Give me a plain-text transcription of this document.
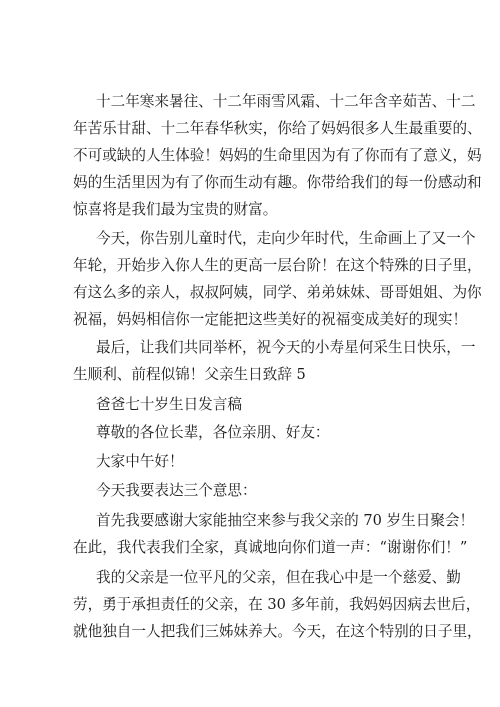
十二年寒来暑往、十二年雨雪风霜、十二年含辛茹苦、十二
年苦乐甘甜、十二年春华秋实，你给了妈妈很多人生最重要的、
不可或缺的人生体验！妈妈的生命里因为有了你而有了意义，妈
妈的生活里因为有了你而生动有趣。你带给我们的每一份感动和
惊喜将是我们最为宝贵的财富。
今天，你告别儿童时代，走向少年时代，生命画上了又一个
年轮，开始步入你人生的更高一层台阶！在这个特殊的日子里，
有这么多的亲人，叔叔阿姨，同学、弟弟妹妹、哥哥姐姐、为你
祝福，妈妈相信你一定能把这些美好的祝福变成美好的现实！
最后，让我们共同举杯，祝今天的小寿星何采生日快乐，一
生顺利、前程似锦！父亲生日致辞 5
爸爸七十岁生日发言稿
尊敬的各位长辈，各位亲朋、好友：
大家中午好！
今天我要表达三个意思：
首先我要感谢大家能抽空来参与我父亲的 70 岁生日聚会！
在此，我代表我们全家，真诚地向你们道一声：“谢谢你们！”
我的父亲是一位平凡的父亲，但在我心中是一个慈爱、勤
劳，勇于承担责任的父亲，在 30 多年前，我妈妈因病去世后，
就他独自一人把我们三姊妹养大。今天，在这个特别的日子里，
